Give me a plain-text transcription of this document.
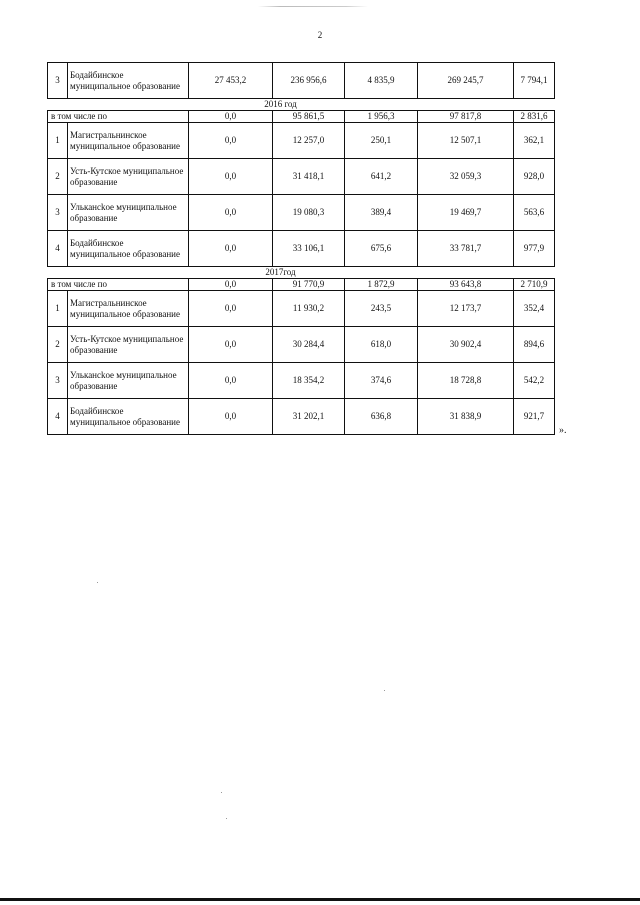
2
3	Бодайбинское муниципальное образование	27 453,2	236 956,6	4 835,9	269 245,7	7 794,1
2016 год						
в том числе по		0,0	95 861,5	1 956,3	97 817,8	2 831,6
1	Магистральнинское муниципальное образование	0,0	12 257,0	250,1	12 507,1	362,1
2	Усть-Кутское муниципальное образование	0,0	31 418,1	641,2	32 059,3	928,0
3	Улькансkoe муниципальное образование	0,0	19 080,3	389,4	19 469,7	563,6
4	Бодайбинское муниципальное образование	0,0	33 106,1	675,6	33 781,7	977,9
2017год						
в том числе по		0,0	91 770,9	1 872,9	93 643,8	2 710,9
1	Магистральнинское муниципальное образование	0,0	11 930,2	243,5	12 173,7	352,4
2	Усть-Кутское муниципальное образование	0,0	30 284,4	618,0	30 902,4	894,6
3	Улькансkoe муниципальное образование	0,0	18 354,2	374,6	18 728,8	542,2
4	Бодайбинское муниципальное образование	0,0	31 202,1	636,8	31 838,9	921,7
».
